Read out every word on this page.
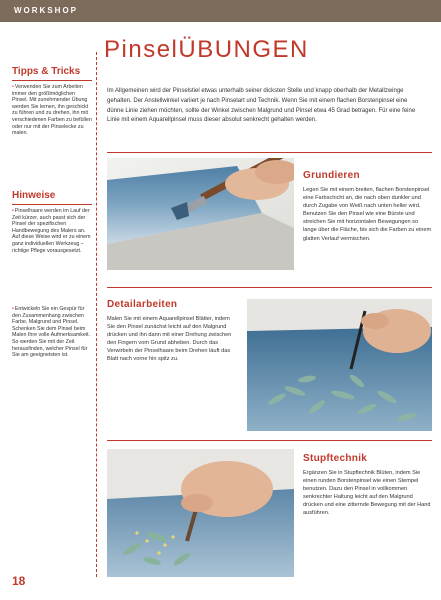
WORKSHOP
Tipps & Tricks
•Verwenden Sie zum Arbeiten immer den größtmöglichen Pinsel. Mit zunehmender Übung werden Sie lernen, ihn geschickt zu führen und zu drehen, ihn mit verschiedenen Farben zu befüllen oder nur mit der Pinselecke zu malen.
Hinweise
•Pinselhaare werden im Lauf der Zeit kürzer, auch passt sich der Pinsel der spezifischen Handbewegung des Malers an. Auf diese Weise wird er zu einem ganz individuellen Werkzeug – richtige Pflege vorausgesetzt.
•Entwickeln Sie ein Gespür für den Zusammenhang zwischen Farbe, Malgrund und Pinsel. Schenken Sie dem Pinsel beim Malen Ihre volle Aufmerksamkeit. So werden Sie mit der Zeit herausfinden, welcher Pinsel für Sie am geeignetsten ist.
PinselÜBUNGEN
Im Allgemeinen wird der Pinselstiel etwas unterhalb seiner dicksten Stelle und knapp oberhalb der Metallzwinge gehalten. Der Anstellwinkel variiert je nach Pinselart und Technik. Wenn Sie mit einem flachen Borstenpinsel eine dünne Linie ziehen möchten, sollte der Winkel zwischen Malgrund und Pinsel etwa 45 Grad betragen. Für eine feine Linie mit einem Aquarellpinsel muss dieser absolut senkrecht gehalten werden.
Grundieren
Legen Sie mit einem breiten, flachen Borstenpinsel eine Farbschicht an, die nach oben dunkler und durch Zugabe von Weiß nach unten heller wird. Benutzen Sie den Pinsel wie eine Bürste und streichen Sie mit horizontalen Bewegungen so lange über die Fläche, bis sich die Farben zu einem glatten Verlauf vermischen.
Detailarbeiten
Malen Sie mit einem Aquarellpinsel Blätter, indem Sie den Pinsel zunächst leicht auf den Malgrund drücken und ihn dann mit einer Drehung zwischen den Fingern vom Grund abheben. Durch das Verwirbeln der Pinselhaare beim Drehen läuft das Blatt nach vorne hin spitz zu.
Stupftechnik
Ergänzen Sie in Stupftechnik Blüten, indem Sie einen runden Borstenpinsel wie einen Stempel benutzen. Dazu den Pinsel in vollkommen senkrechter Haltung leicht auf den Malgrund drücken und eine zitternde Bewegung mit der Hand ausführen.
18
